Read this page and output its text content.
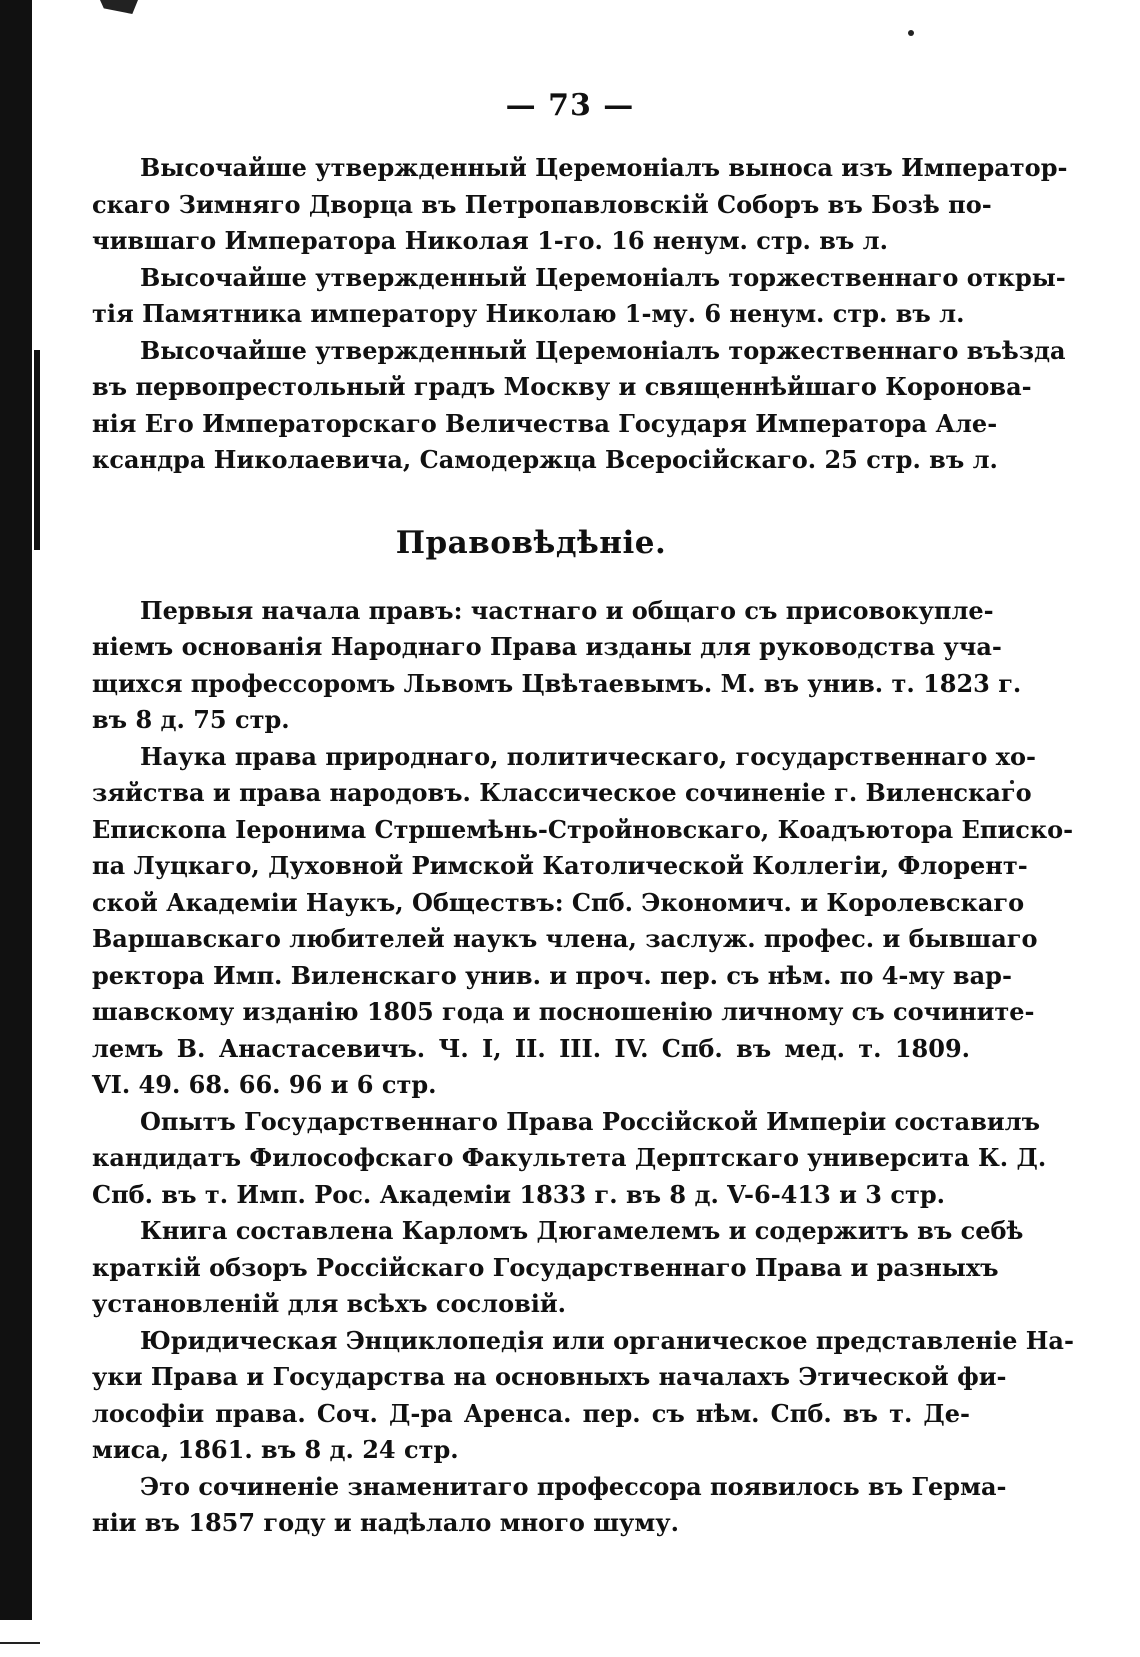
— 73 —

Высочайше утвержденный Церемоніалъ выноса изъ Император-
скаго Зимняго Дворца въ Петропавловскій Соборъ въ Бозѣ по-
чившаго Императора Николая 1-го. 16 ненум. стр. въ л.

Высочайше утвержденный Церемоніалъ торжественнаго откры-
тія Памятника императору Николаю 1-му. 6 ненум. стр. въ л.

Высочайше утвержденный Церемоніалъ торжественнаго въѣзда
въ первопрестольный градъ Москву и священнѣйшаго Коронова-
нія Его Императорскаго Величества Государя Императора Але-
ксандра Николаевича, Самодержца Всеросійскаго. 25 стр. въ л.

Правовѣдѣніе.

Первыя начала правъ: частнаго и общаго съ присовокупле-
ніемъ основанія Народнаго Права изданы для руководства уча-
щихся профессоромъ Львомъ Цвѣтаевымъ. М. въ унив. т. 1823 г.
въ 8 д. 75 стр.

Наука права природнаго, политическаго, государственнаго хо-
зяйства и права народовъ. Классическое сочиненіе г. Виленскаго
Епископа Іеронима Стршемѣнь-Стройновскаго, Коадъютора Еписко-
па Луцкаго, Духовной Римской Католической Коллегіи, Флорент-
ской Академіи Наукъ, Обществъ: Спб. Экономич. и Королевскаго
Варшавскаго любителей наукъ члена, заслуж. профес. и бывшаго
ректора Имп. Виленскаго унив. и проч. пер. съ нѣм. по 4-му вар-
шавскому изданію 1805 года и посношенію личному съ сочините-
лемъ В. Анастасевичъ. Ч. I, II. III. IV. Спб. въ мед. т. 1809.
VI. 49. 68. 66. 96 и 6 стр.

Опытъ Государственнаго Права Россійской Имперіи составилъ
кандидатъ Философскаго Факультета Дерптскаго университа К. Д.
Спб. въ т. Имп. Рос. Академіи 1833 г. въ 8 д. V-6-413 и 3 стр.

Книга составлена Карломъ Дюгамелемъ и содержитъ въ себѣ
краткій обзоръ Россійскаго Государственнаго Права и разныхъ
установленій для всѣхъ сословій.

Юридическая Энциклопедія или органическое представленіе На-
уки Права и Государства на основныхъ началахъ Этической фи-
лософіи права. Соч. Д-ра Аренса. пер. съ нѣм. Спб. въ т. Де-
миса, 1861. въ 8 д. 24 стр.

Это сочиненіе знаменитаго профессора появилось въ Герма-
ніи въ 1857 году и надѣлало много шуму.
